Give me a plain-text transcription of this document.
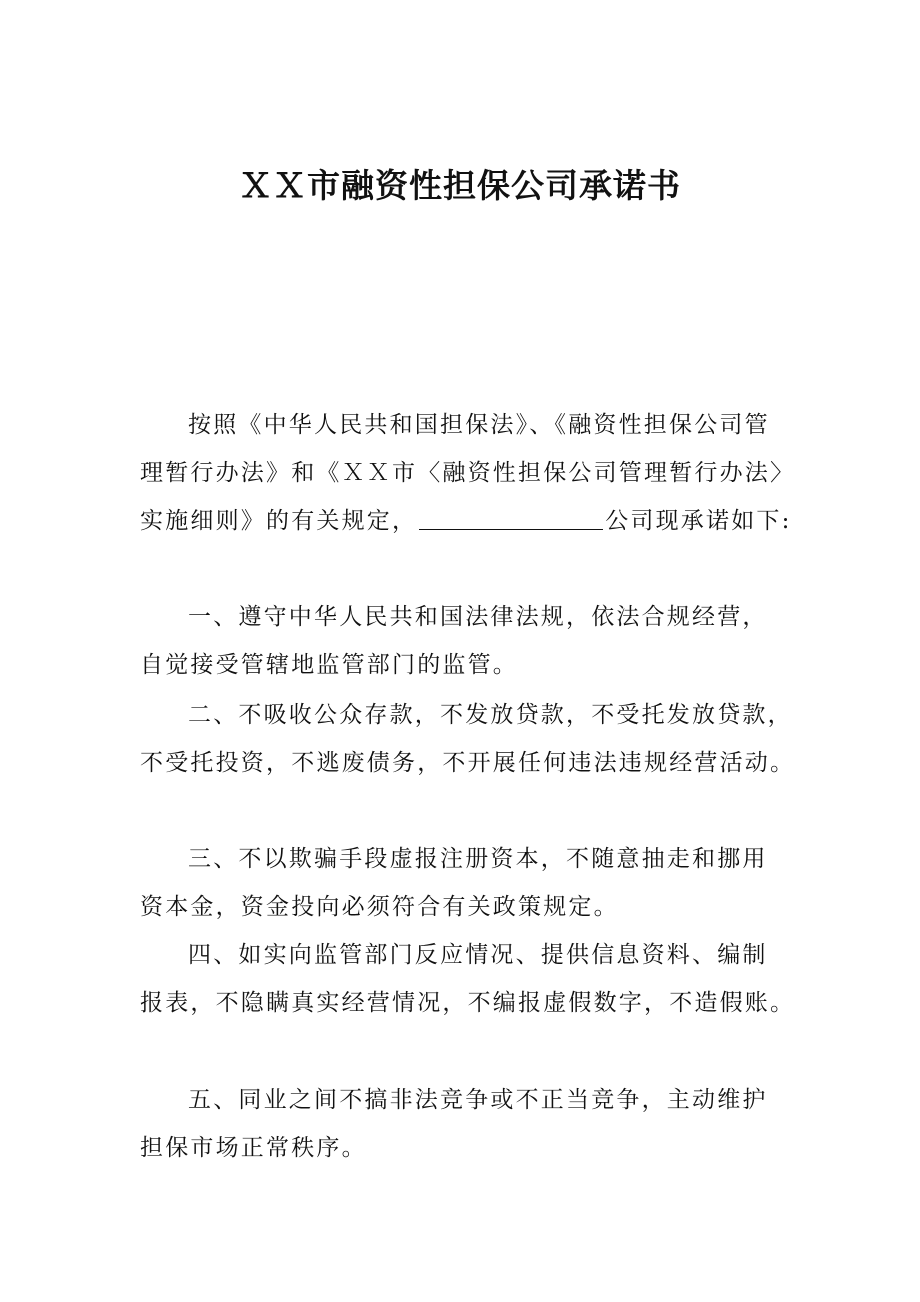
ＸＸ市融资性担保公司承诺书
按照《中华人民共和国担保法》、《融资性担保公司管
理暂行办法》和《ＸＸ市〈融资性担保公司管理暂行办法〉
实施细则》的有关规定，	公司现承诺如下:
一、遵守中华人民共和国法律法规，依法合规经营，
自觉接受管辖地监管部门的监管。
二、不吸收公众存款，不发放贷款，不受托发放贷款，
不受托投资，不逃废债务，不开展任何违法违规经营活动。
三、不以欺骗手段虚报注册资本，不随意抽走和挪用
资本金，资金投向必须符合有关政策规定。
四、如实向监管部门反应情况、提供信息资料、编制
报表，不隐瞒真实经营情况，不编报虚假数字，不造假账。
五、同业之间不搞非法竞争或不正当竞争，主动维护
担保市场正常秩序。
